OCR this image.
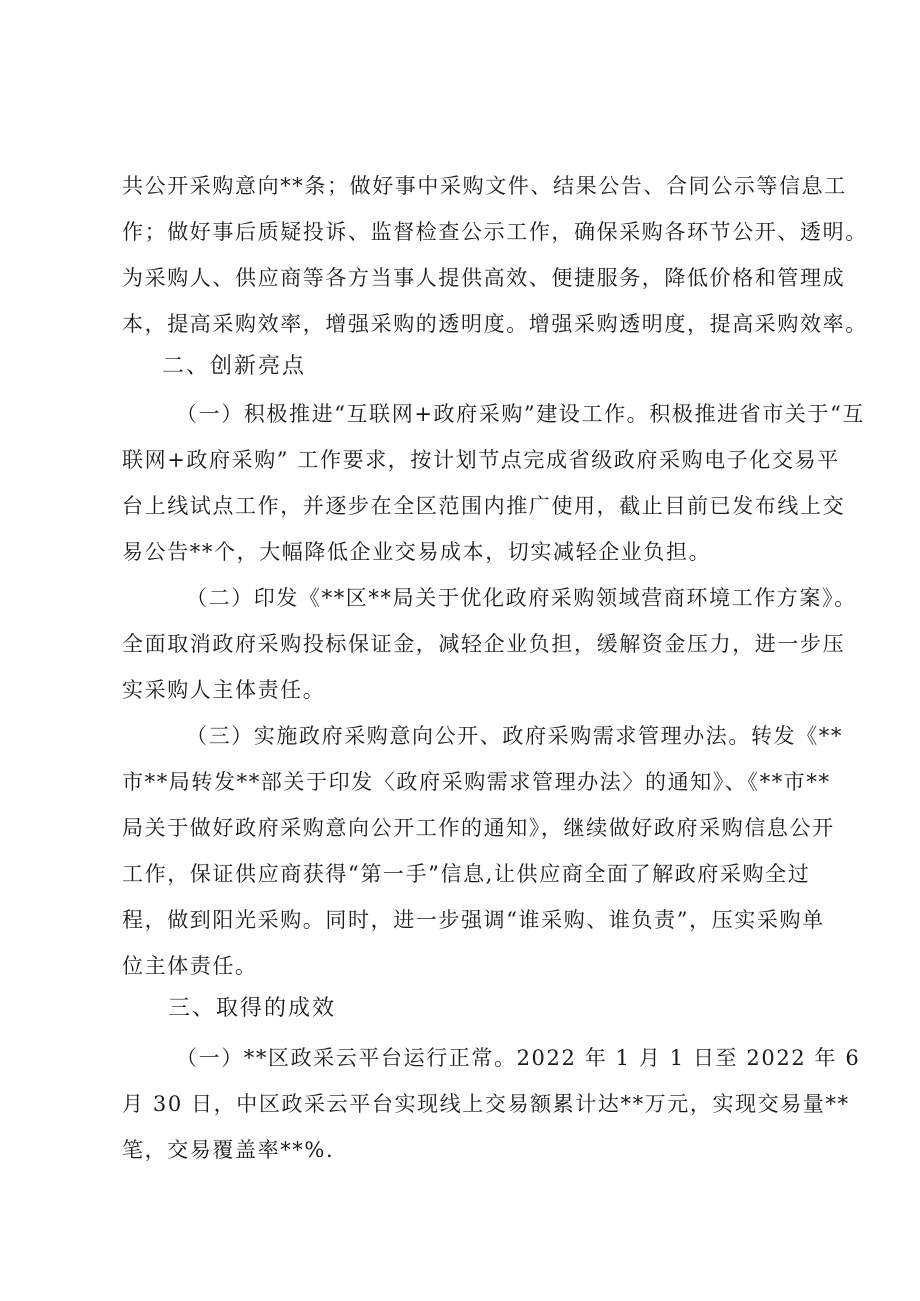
共公开采购意向**条；做好事中采购文件、结果公告、合同公示等信息工
作；做好事后质疑投诉、监督检查公示工作，确保采购各环节公开、透明。
为采购人、供应商等各方当事人提供高效、便捷服务，降低价格和管理成
本，提高采购效率，增强采购的透明度。增强采购透明度，提高采购效率。
二、创新亮点
（一）积极推进“互联网+政府采购”建设工作。积极推进省市关于“互
联网+政府采购” 工作要求，按计划节点完成省级政府采购电子化交易平
台上线试点工作，并逐步在全区范围内推广使用，截止目前已发布线上交
易公告**个，大幅降低企业交易成本，切实减轻企业负担。
（二）印发《**区**局关于优化政府采购领域营商环境工作方案》。
全面取消政府采购投标保证金，减轻企业负担，缓解资金压力，进一步压
实采购人主体责任。
（三）实施政府采购意向公开、政府采购需求管理办法。转发《**
市**局转发**部关于印发〈政府采购需求管理办法〉的通知》、《**市**
局关于做好政府采购意向公开工作的通知》，继续做好政府采购信息公开
工作，保证供应商获得“第一手”信息,让供应商全面了解政府采购全过
程，做到阳光采购。同时，进一步强调“谁采购、谁负责”，压实采购单
位主体责任。
三、取得的成效
（一）**区政采云平台运行正常。2022 年 1 月 1 日至 2022 年 6
月 30 日，中区政采云平台实现线上交易额累计达**万元，实现交易量**
笔，交易覆盖率**%.
